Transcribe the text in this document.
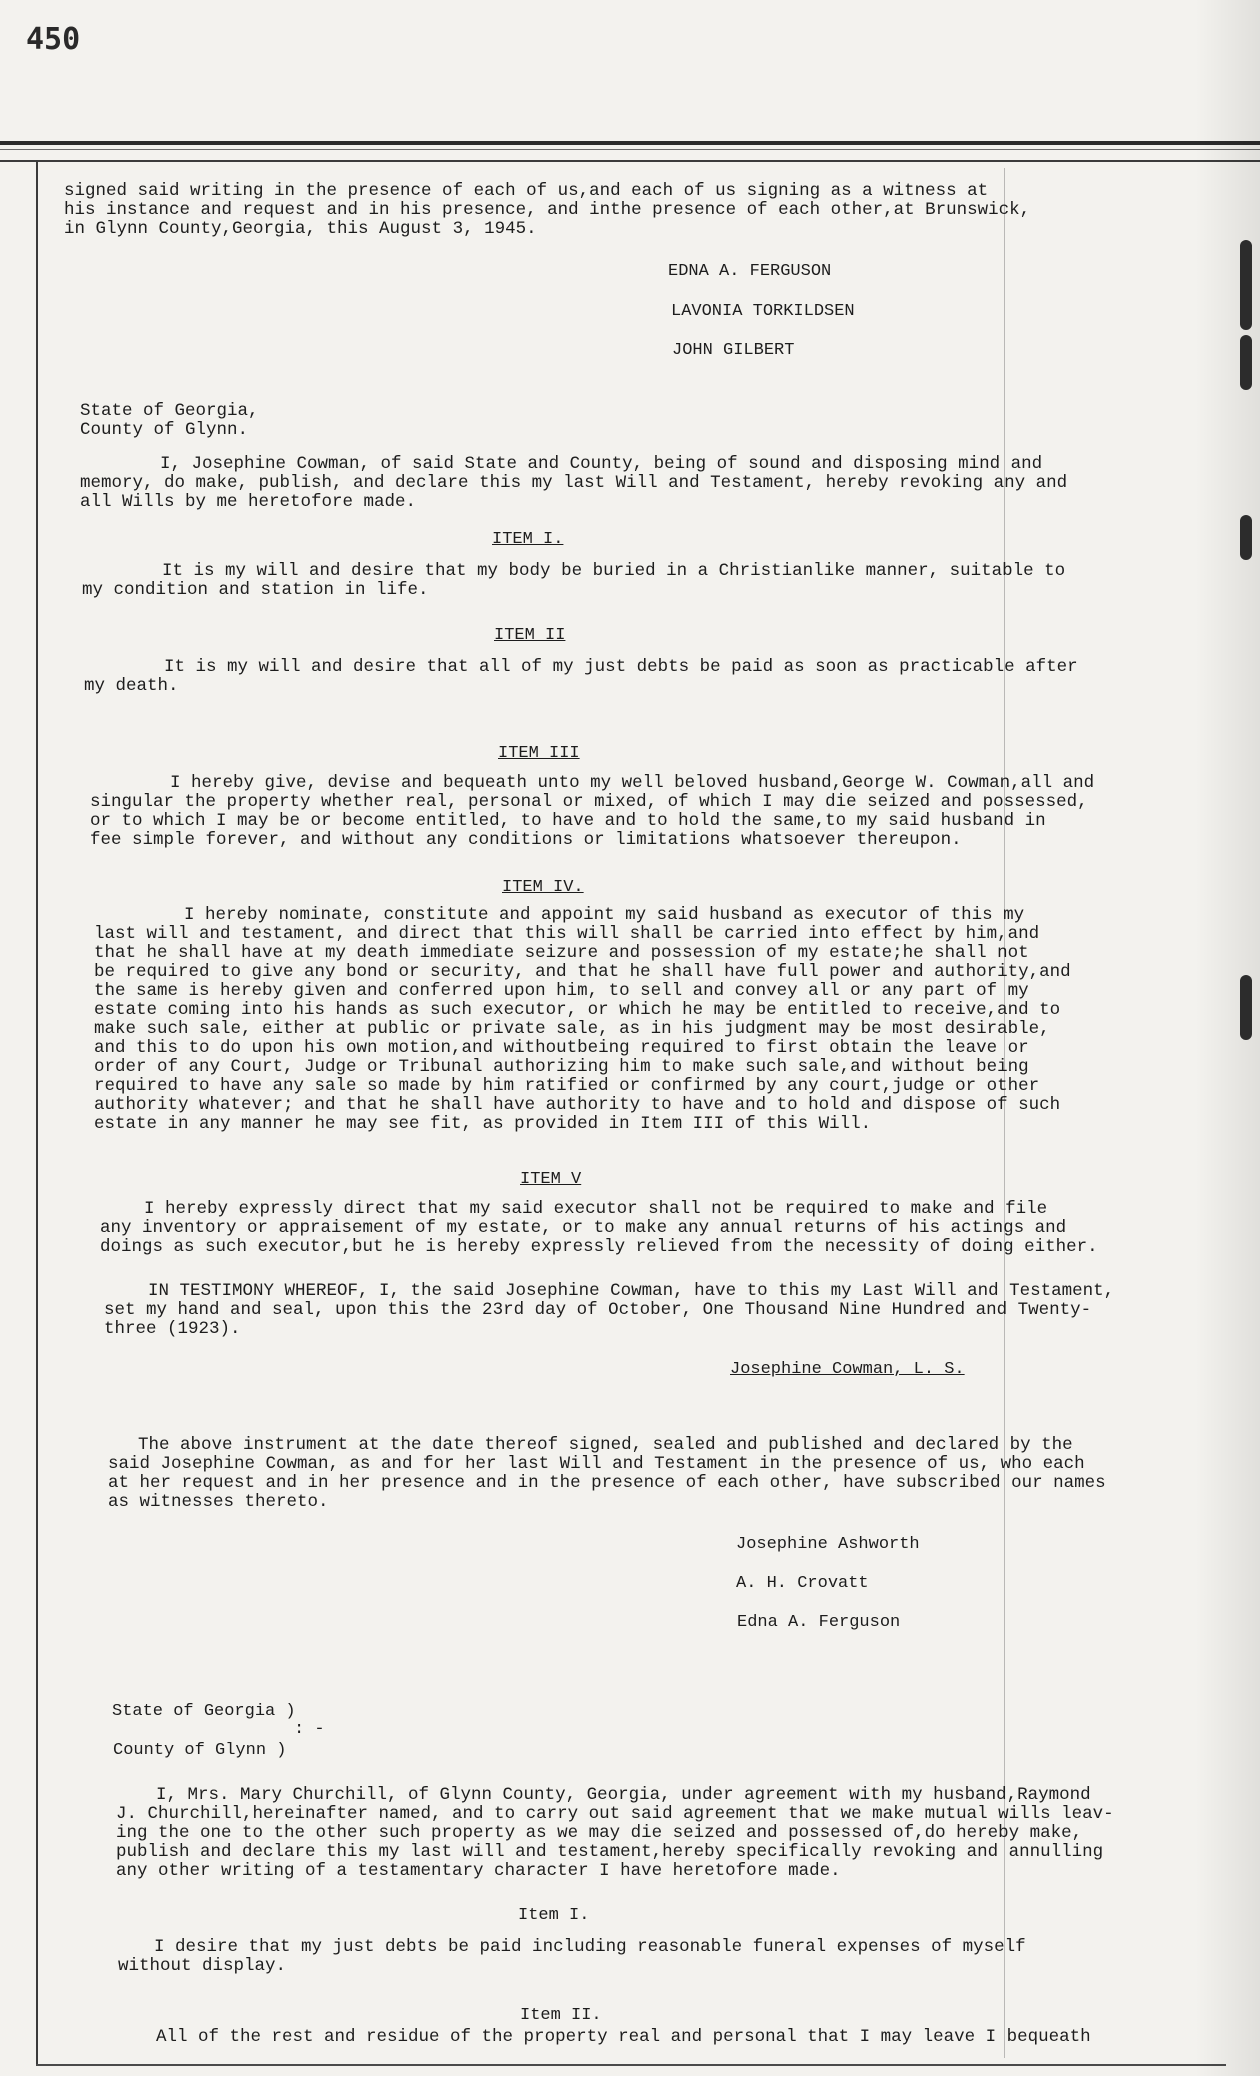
450
signed said writing in the presence of each of us,and each of us signing as a witness at
his instance and request and in his presence, and inthe presence of each other,at Brunswick,
in Glynn County,Georgia, this August 3, 1945.
EDNA A. FERGUSON
LAVONIA TORKILDSEN
JOHN GILBERT
State of Georgia,
County of Glynn.
I, Josephine Cowman, of said State and County, being of sound and disposing mind and
memory, do make, publish, and declare this my last Will and Testament, hereby revoking any and
all Wills by me heretofore made.
ITEM I.
It is my will and desire that my body be buried in a Christianlike manner, suitable to
my condition and station in life.
ITEM II
It is my will and desire that all of my just debts be paid as soon as practicable after
my death.
ITEM III
I hereby give, devise and bequeath unto my well beloved husband,George W. Cowman,all and
singular the property whether real, personal or mixed, of which I may die seized and possessed,
or to which I may be or become entitled, to have and to hold the same,to my said husband in
fee simple forever, and without any conditions or limitations whatsoever thereupon.
ITEM IV.
I hereby nominate, constitute and appoint my said husband as executor of this my
last will and testament, and direct that this will shall be carried into effect by him,and
that he shall have at my death immediate seizure and possession of my estate;he shall not
be required to give any bond or security, and that he shall have full power and authority,and
the same is hereby given and conferred upon him, to sell and convey all or any part of my
estate coming into his hands as such executor, or which he may be entitled to receive,and to
make such sale, either at public or private sale, as in his judgment may be most desirable,
and this to do upon his own motion,and withoutbeing required to first obtain the leave or
order of any Court, Judge or Tribunal authorizing him to make such sale,and without being
required to have any sale so made by him ratified or confirmed by any court,judge or other
authority whatever; and that he shall have authority to have and to hold and dispose of such
estate in any manner he may see fit, as provided in Item III of this Will.
ITEM V
I hereby expressly direct that my said executor shall not be required to make and file
any inventory or appraisement of my estate, or to make any annual returns of his actings and
doings as such executor,but he is hereby expressly relieved from the necessity of doing either.
IN TESTIMONY WHEREOF, I, the said Josephine Cowman, have to this my Last Will and Testament,
set my hand and seal, upon this the 23rd day of October, One Thousand Nine Hundred and Twenty-
three (1923).
Josephine Cowman, L. S.
The above instrument at the date thereof signed, sealed and published and declared by the
said Josephine Cowman, as and for her last Will and Testament in the presence of us, who each
at her request and in her presence and in the presence of each other, have subscribed our names
as witnesses thereto.
Josephine Ashworth
A. H. Crovatt
Edna A. Ferguson
State of Georgia )
: -
County of Glynn )
I, Mrs. Mary Churchill, of Glynn County, Georgia, under agreement with my husband,Raymond
J. Churchill,hereinafter named, and to carry out said agreement that we make mutual wills leav-
ing the one to the other such property as we may die seized and possessed of,do hereby make,
publish and declare this my last will and testament,hereby specifically revoking and annulling
any other writing of a testamentary character I have heretofore made.
Item I.
I desire that my just debts be paid including reasonable funeral expenses of myself
without display.
Item II.
All of the rest and residue of the property real and personal that I may leave I bequeath
